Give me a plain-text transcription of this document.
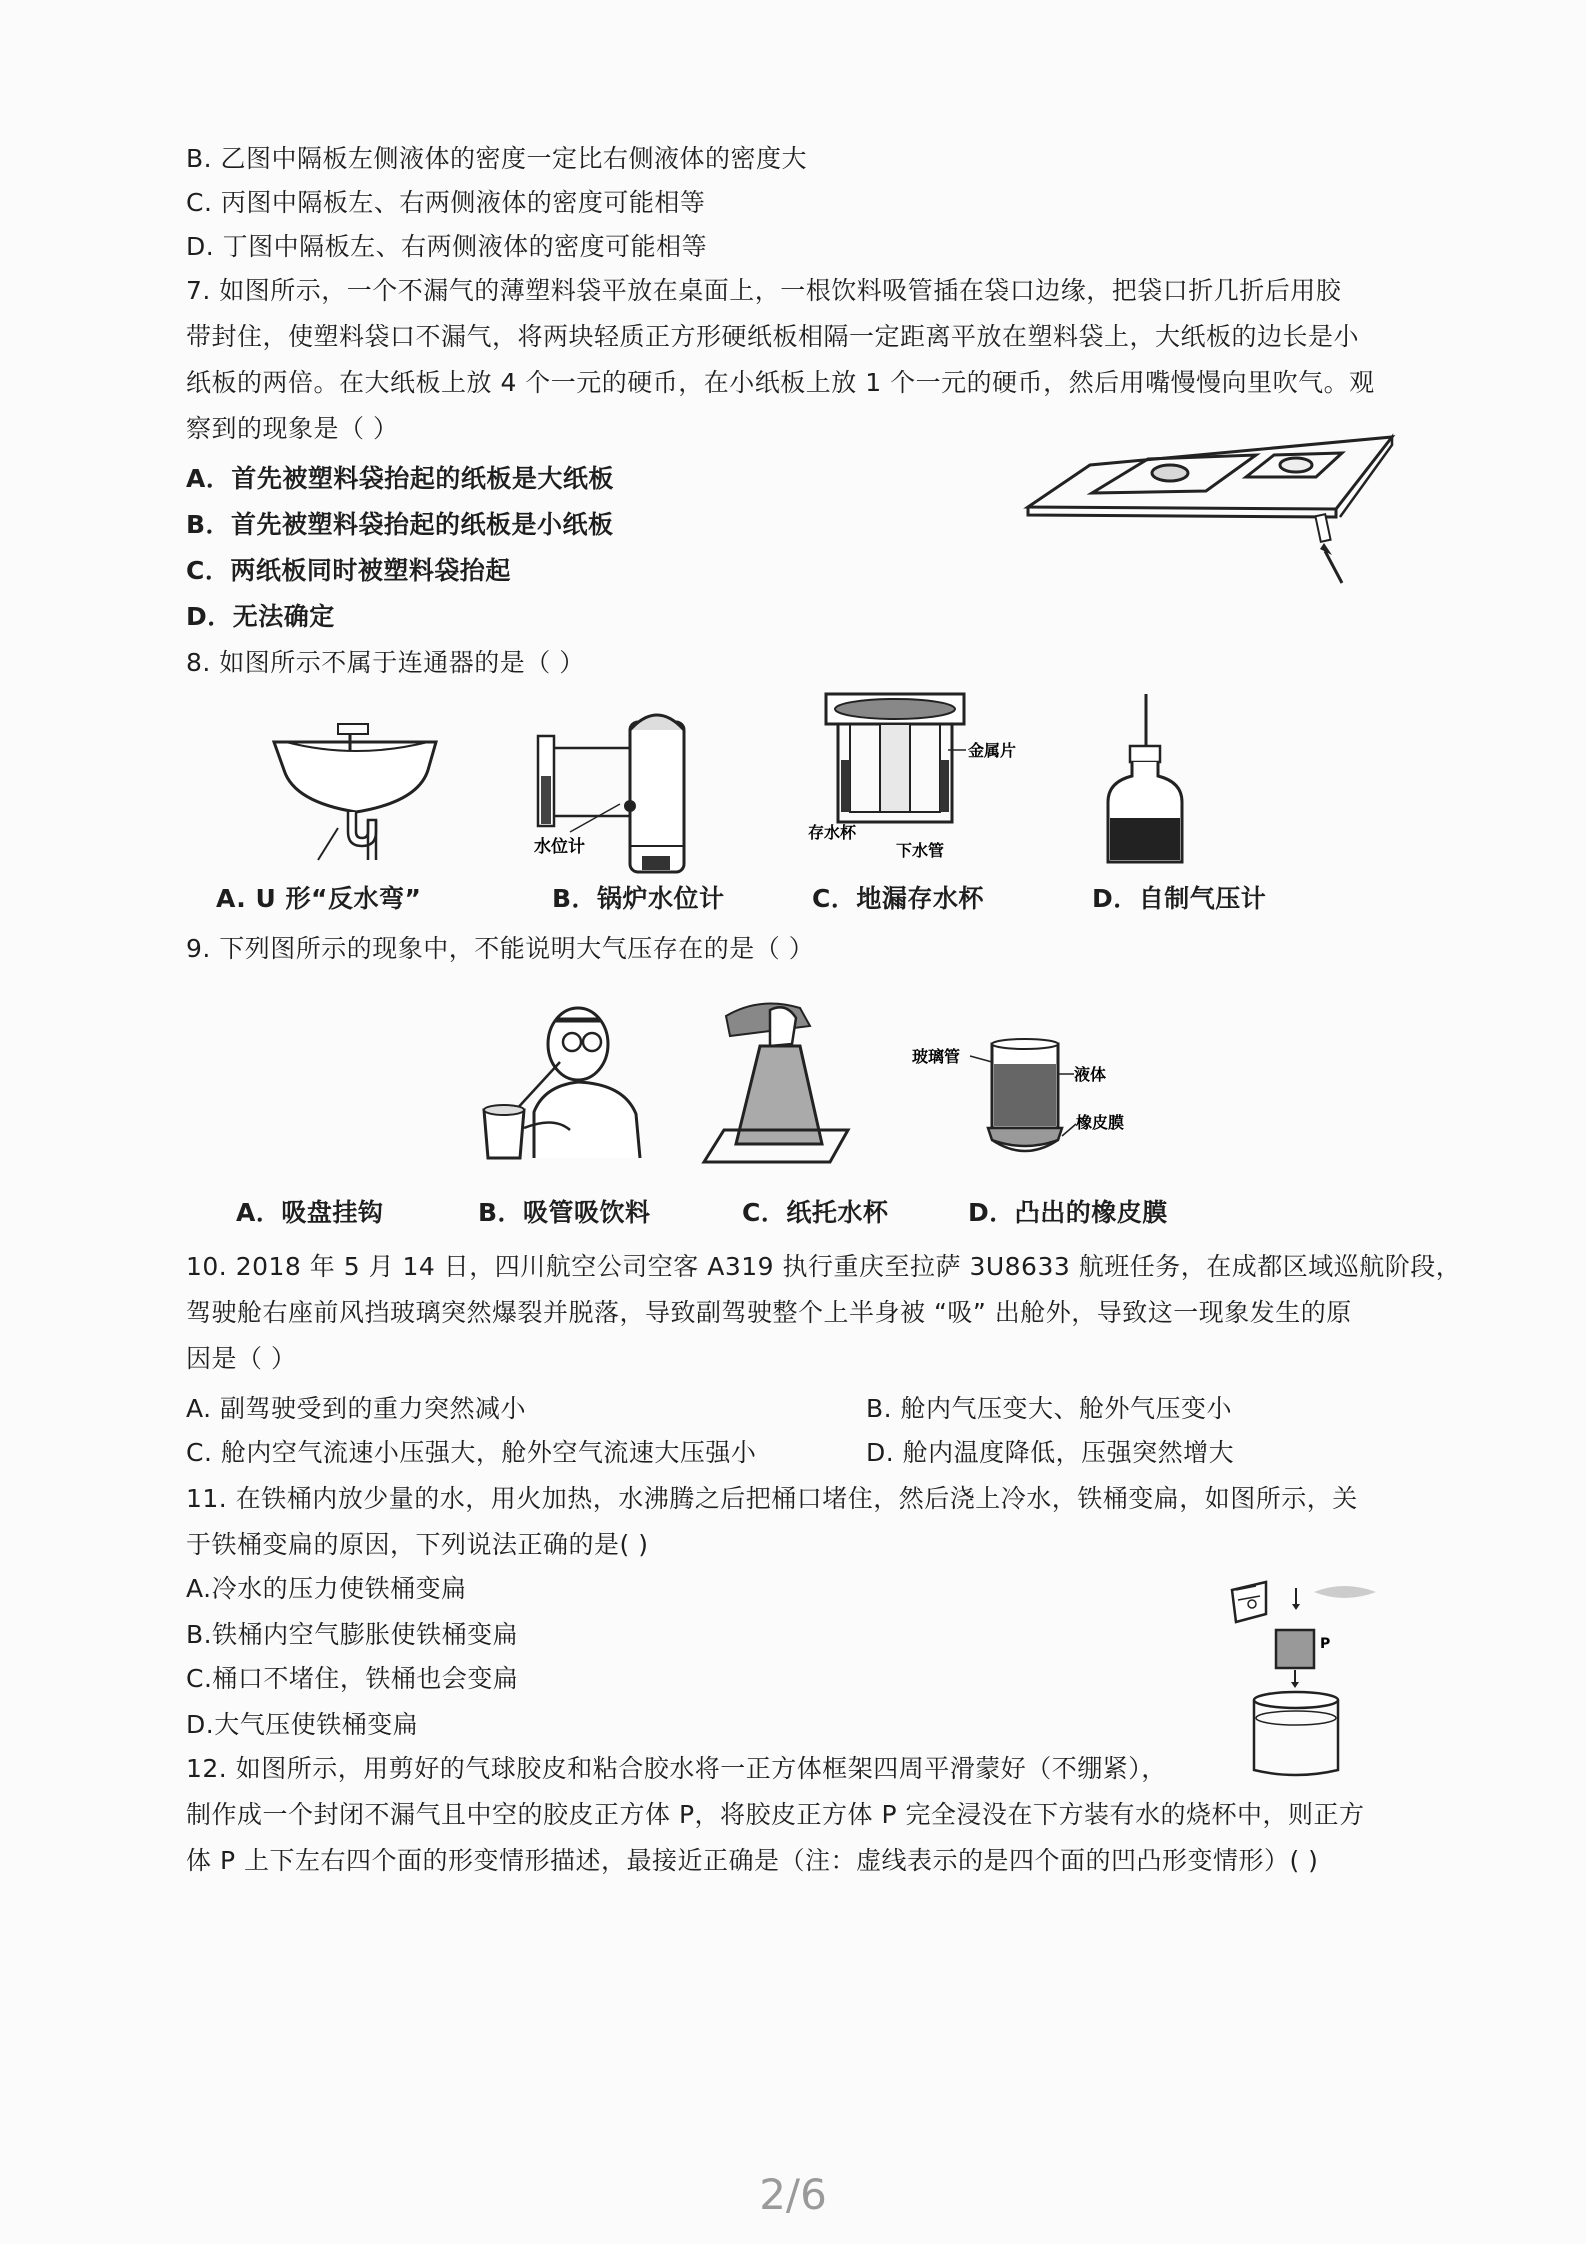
B. 乙图中隔板左侧液体的密度一定比右侧液体的密度大
C. 丙图中隔板左、右两侧液体的密度可能相等
D. 丁图中隔板左、右两侧液体的密度可能相等
7. 如图所示，一个不漏气的薄塑料袋平放在桌面上，一根饮料吸管插在袋口边缘，把袋口折几折后用胶
带封住，使塑料袋口不漏气，将两块轻质正方形硬纸板相隔一定距离平放在塑料袋上，大纸板的边长是小
纸板的两倍。在大纸板上放 4 个一元的硬币，在小纸板上放 1 个一元的硬币，然后用嘴慢慢向里吹气。观
察到的现象是（ ）
A．首先被塑料袋抬起的纸板是大纸板
B．首先被塑料袋抬起的纸板是小纸板
C．两纸板同时被塑料袋抬起
D．无法确定
8. 如图所示不属于连通器的是（ ）
水位计
金属片
存水杯
下水管
A. U 形“反水弯”	B．锅炉水位计	C．地漏存水杯	D．自制气压计
9. 下列图所示的现象中，不能说明大气压存在的是（ ）
玻璃管
液体
橡皮膜
A．吸盘挂钩	B．吸管吸饮料	C．纸托水杯	D．凸出的橡皮膜
10. 2018 年 5 月 14 日，四川航空公司空客 A319 执行重庆至拉萨 3U8633 航班任务，在成都区域巡航阶段，
驾驶舱右座前风挡玻璃突然爆裂并脱落，导致副驾驶整个上半身被 “吸” 出舱外，导致这一现象发生的原
因是（ ）
A. 副驾驶受到的重力突然减小	B. 舱内气压变大、舱外气压变小
C. 舱内空气流速小压强大，舱外空气流速大压强小	D. 舱内温度降低，压强突然增大
11. 在铁桶内放少量的水，用火加热，水沸腾之后把桶口堵住，然后浇上冷水，铁桶变扁，如图所示，关
于铁桶变扁的原因，下列说法正确的是( )
A.冷水的压力使铁桶变扁
B.铁桶内空气膨胀使铁桶变扁
C.桶口不堵住，铁桶也会变扁
D.大气压使铁桶变扁
P
12. 如图所示，用剪好的气球胶皮和粘合胶水将一正方体框架四周平滑蒙好（不绷紧），
制作成一个封闭不漏气且中空的胶皮正方体 P，将胶皮正方体 P 完全浸没在下方装有水的烧杯中，则正方
体 P 上下左右四个面的形变情形描述，最接近正确是（注：虚线表示的是四个面的凹凸形变情形）( )
2/6
